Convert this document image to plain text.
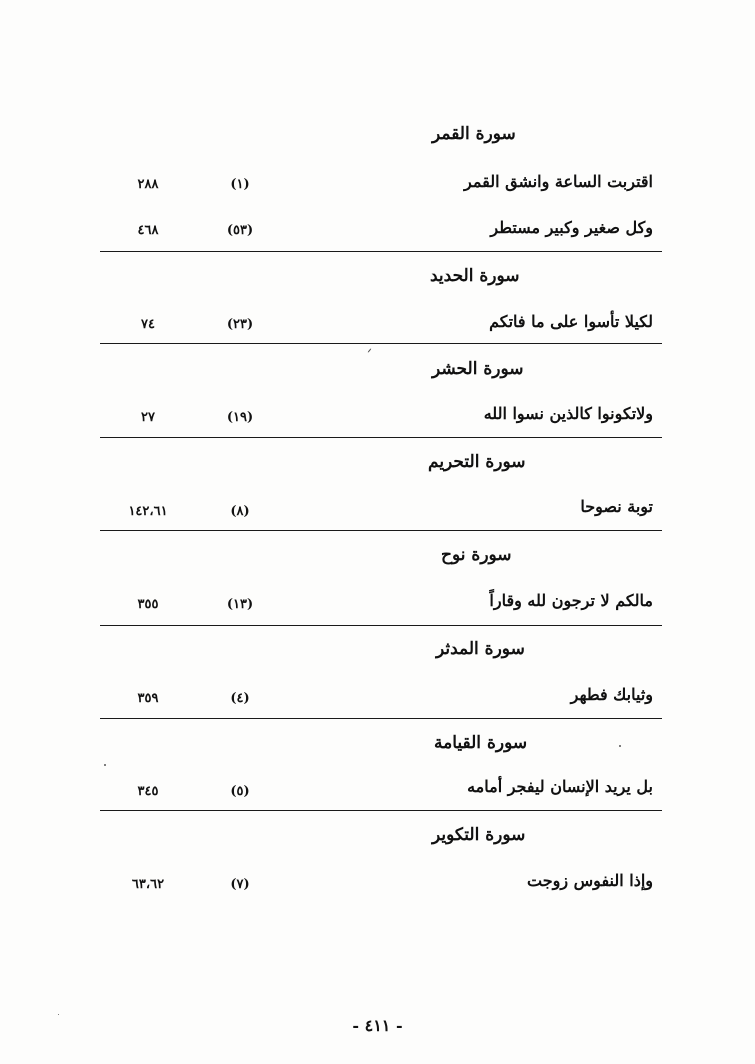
سورة القمر
اقتربت الساعة وانشق القمر
(١)
٢٨٨
وكل صغير وكبير مستطر
(٥٣)
٤٦٨
سورة الحديد
لكيلا تأسوا على ما فاتكم
(٢٣)
٧٤
سورة الحشر
ولاتكونوا كالذين نسوا الله
(١٩)
٢٧
سورة التحريم
توبة نصوحا
(٨)
١٤٢،٦١
سورة نوح
مالكم لا ترجون لله وقاراً
(١٣)
٣٥٥
سورة المدثر
وثيابك فطهر
(٤)
٣٥٩
سورة القيامة
بل يريد الإنسان ليفجر أمامه
(٥)
٣٤٥
سورة التكوير
وإذا النفوس زوجت
(٧)
٦٣،٦٢
- ٤١١ -
